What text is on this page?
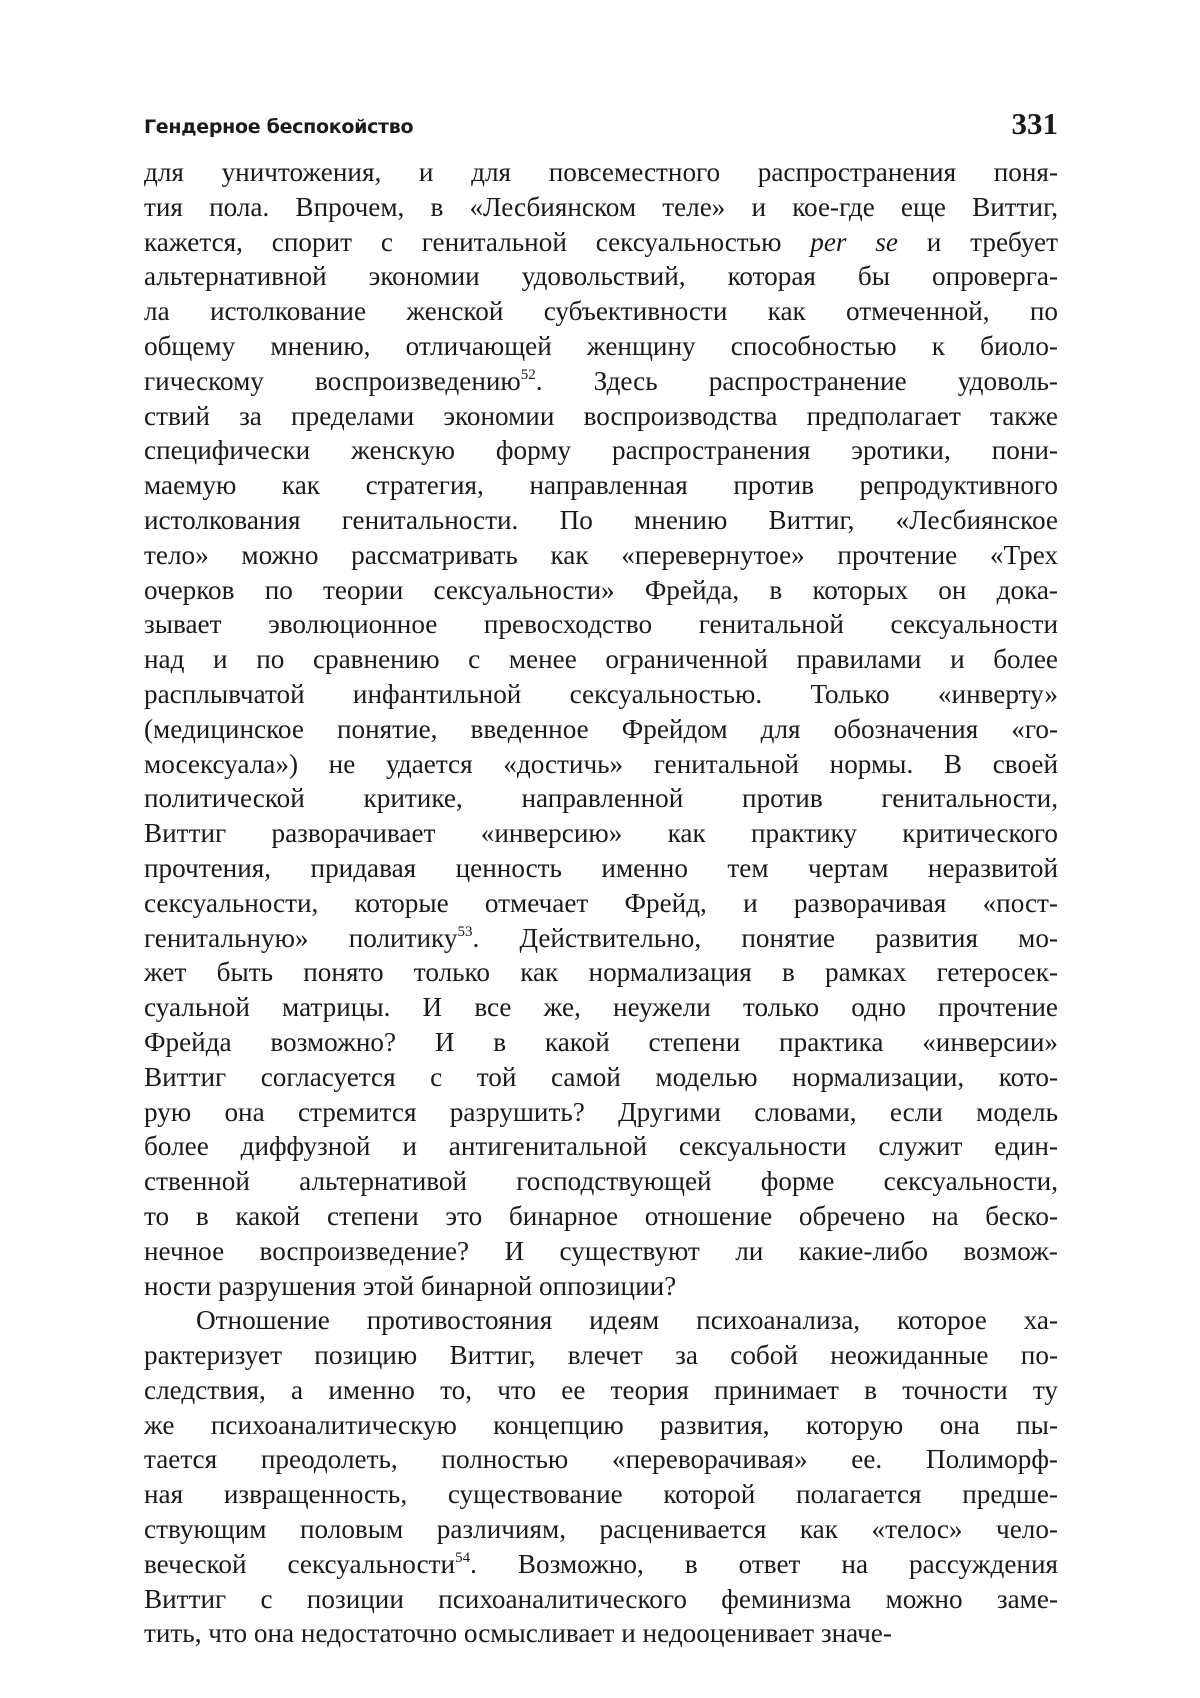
Гендерное беспокойство	331
для уничтожения, и для повсеместного распространения поня-
тия пола. Впрочем, в «Лесбиянском теле» и кое-где еще Виттиг,
кажется, спорит с генитальной сексуальностью per se и требует
альтернативной экономии удовольствий, которая бы опроверга-
ла истолкование женской субъективности как отмеченной, по
общему мнению, отличающей женщину способностью к биоло-
гическому воспроизведению52. Здесь распространение удоволь-
ствий за пределами экономии воспроизводства предполагает также
специфически женскую форму распространения эротики, пони-
маемую как стратегия, направленная против репродуктивного
истолкования генитальности. По мнению Виттиг, «Лесбиянское
тело» можно рассматривать как «перевернутое» прочтение «Трех
очерков по теории сексуальности» Фрейда, в которых он дока-
зывает эволюционное превосходство генитальной сексуальности
над и по сравнению с менее ограниченной правилами и более
расплывчатой инфантильной сексуальностью. Только «инверту»
(медицинское понятие, введенное Фрейдом для обозначения «го-
мосексуала») не удается «достичь» генитальной нормы. В своей
политической критике, направленной против генитальности,
Виттиг разворачивает «инверсию» как практику критического
прочтения, придавая ценность именно тем чертам неразвитой
сексуальности, которые отмечает Фрейд, и разворачивая «пост-
генитальную» политику53. Действительно, понятие развития мо-
жет быть понято только как нормализация в рамках гетеросек-
суальной матрицы. И все же, неужели только одно прочтение
Фрейда возможно? И в какой степени практика «инверсии»
Виттиг согласуется с той самой моделью нормализации, кото-
рую она стремится разрушить? Другими словами, если модель
более диффузной и антигенитальной сексуальности служит един-
ственной альтернативой господствующей форме сексуальности,
то в какой степени это бинарное отношение обречено на беско-
нечное воспроизведение? И существуют ли какие-либо возмож-
ности разрушения этой бинарной оппозиции?
Отношение противостояния идеям психоанализа, которое ха-
рактеризует позицию Виттиг, влечет за собой неожиданные по-
следствия, а именно то, что ее теория принимает в точности ту
же психоаналитическую концепцию развития, которую она пы-
тается преодолеть, полностью «переворачивая» ее. Полиморф-
ная извращенность, существование которой полагается предше-
ствующим половым различиям, расценивается как «телос» чело-
веческой сексуальности54. Возможно, в ответ на рассуждения
Виттиг с позиции психоаналитического феминизма можно заме-
тить, что она недостаточно осмысливает и недооценивает значе-
